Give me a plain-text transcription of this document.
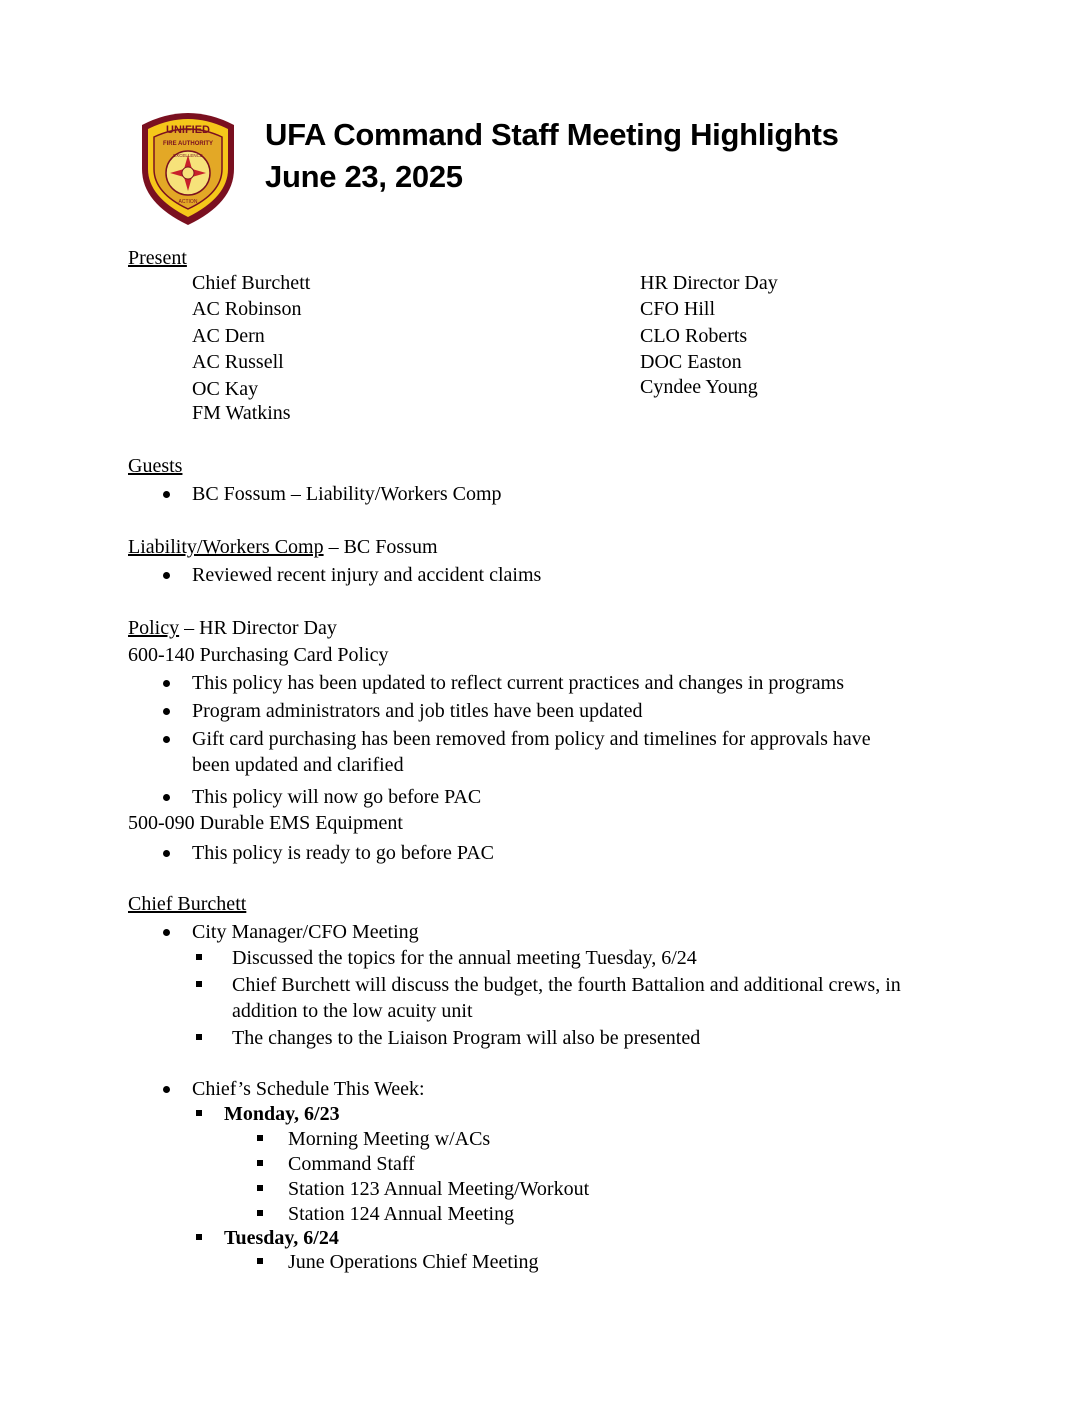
UNIFIED
FIRE AUTHORITY
EXCELLENCE
ACTION
UFA Command Staff Meeting Highlights
June 23, 2025
Present
Chief Burchett
AC Robinson
AC Dern
AC Russell
OC Kay
FM Watkins
HR Director Day
CFO Hill
CLO Roberts
DOC Easton
Cyndee Young
Guests
BC Fossum – Liability/Workers Comp
Liability/Workers Comp – BC Fossum
Reviewed recent injury and accident claims
Policy – HR Director Day
600-140 Purchasing Card Policy
This policy has been updated to reflect current practices and changes in programs
Program administrators and job titles have been updated
Gift card purchasing has been removed from policy and timelines for approvals have
been updated and clarified
This policy will now go before PAC
500-090 Durable EMS Equipment
This policy is ready to go before PAC
Chief Burchett
City Manager/CFO Meeting
Discussed the topics for the annual meeting Tuesday, 6/24
Chief Burchett will discuss the budget, the fourth Battalion and additional crews, in
addition to the low acuity unit
The changes to the Liaison Program will also be presented
Chief’s Schedule This Week:
Monday, 6/23
Morning Meeting w/ACs
Command Staff
Station 123 Annual Meeting/Workout
Station 124 Annual Meeting
Tuesday, 6/24
June Operations Chief Meeting
